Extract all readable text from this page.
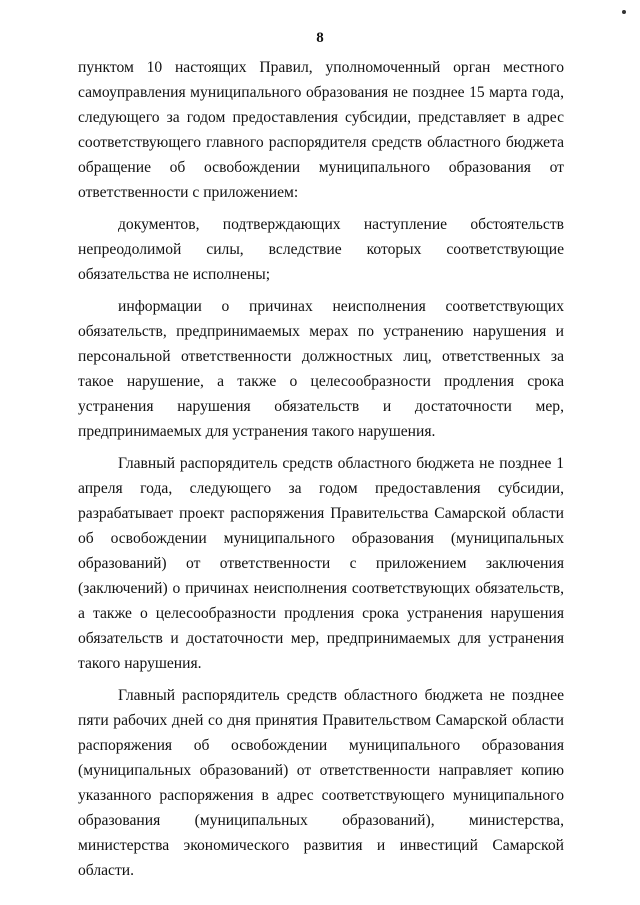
8

пунктом 10 настоящих Правил, уполномоченный орган местного самоуправления муниципального образования не позднее 15 марта года, следующего за годом предоставления субсидии, представляет в адрес соответствующего главного распорядителя средств областного бюджета обращение об освобождении муниципального образования от ответственности с приложением:

документов, подтверждающих наступление обстоятельств непреодолимой силы, вследствие которых соответствующие обязательства не исполнены;

информации о причинах неисполнения соответствующих обязательств, предпринимаемых мерах по устранению нарушения и персональной ответственности должностных лиц, ответственных за такое нарушение, а также о целесообразности продления срока устранения нарушения обязательств и достаточности мер, предпринимаемых для устранения такого нарушения.

Главный распорядитель средств областного бюджета не позднее 1 апреля года, следующего за годом предоставления субсидии, разрабатывает проект распоряжения Правительства Самарской области об освобождении муниципального образования (муниципальных образований) от ответственности с приложением заключения (заключений) о причинах неисполнения соответствующих обязательств, а также о целесообразности продления срока устранения нарушения обязательств и достаточности мер, предпринимаемых для устранения такого нарушения.

Главный распорядитель средств областного бюджета не позднее пяти рабочих дней со дня принятия Правительством Самарской области распоряжения об освобождении муниципального образования (муниципальных образований) от ответственности направляет копию указанного распоряжения в адрес соответствующего муниципального образования (муниципальных образований), министерства, министерства экономического развития и инвестиций Самарской области.
